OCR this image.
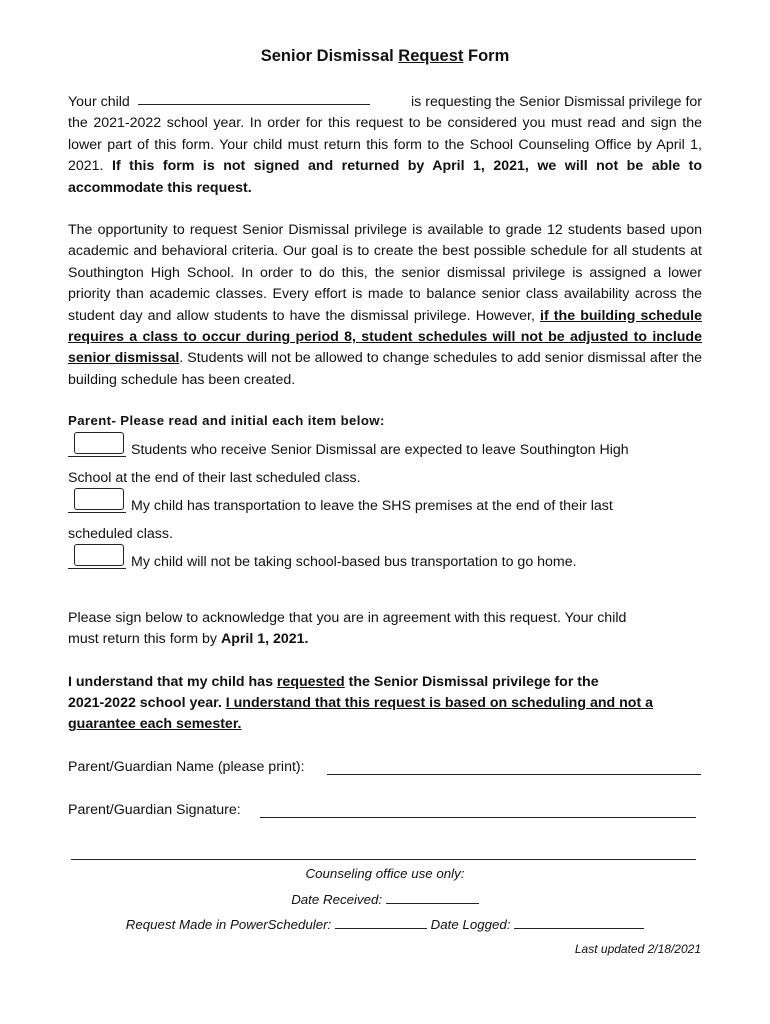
Senior Dismissal Request Form
Your child	is requesting the Senior Dismissal privilege for
the 2021-2022 school year. In order for this request to be considered you must read and sign the lower part of this form. Your child must return this form to the School Counseling Office by April 1, 2021. If this form is not signed and returned by April 1, 2021, we will not be able to accommodate this request.
The opportunity to request Senior Dismissal privilege is available to grade 12 students based upon academic and behavioral criteria. Our goal is to create the best possible schedule for all students at Southington High School. In order to do this, the senior dismissal privilege is assigned a lower priority than academic classes. Every effort is made to balance senior class availability across the student day and allow students to have the dismissal privilege. However, if the building schedule requires a class to occur during period 8, student schedules will not be adjusted to include senior dismissal. Students will not be allowed to change schedules to add senior dismissal after the building schedule has been created.
Parent- Please read and initial each item below:
Students who receive Senior Dismissal are expected to leave Southington High
School at the end of their last scheduled class.
My child has transportation to leave the SHS premises at the end of their last
scheduled class.
My child will not be taking school-based bus transportation to go home.
Please sign below to acknowledge that you are in agreement with this request. Your child
must return this form by April 1, 2021.
I understand that my child has requested the Senior Dismissal privilege for the
2021-2022 school year. I understand that this request is based on scheduling and not a
guarantee each semester.
Parent/Guardian Name (please print):
Parent/Guardian Signature:
Counseling office use only:
Date Received:
Request Made in PowerScheduler:	Date Logged:
Last updated 2/18/2021
